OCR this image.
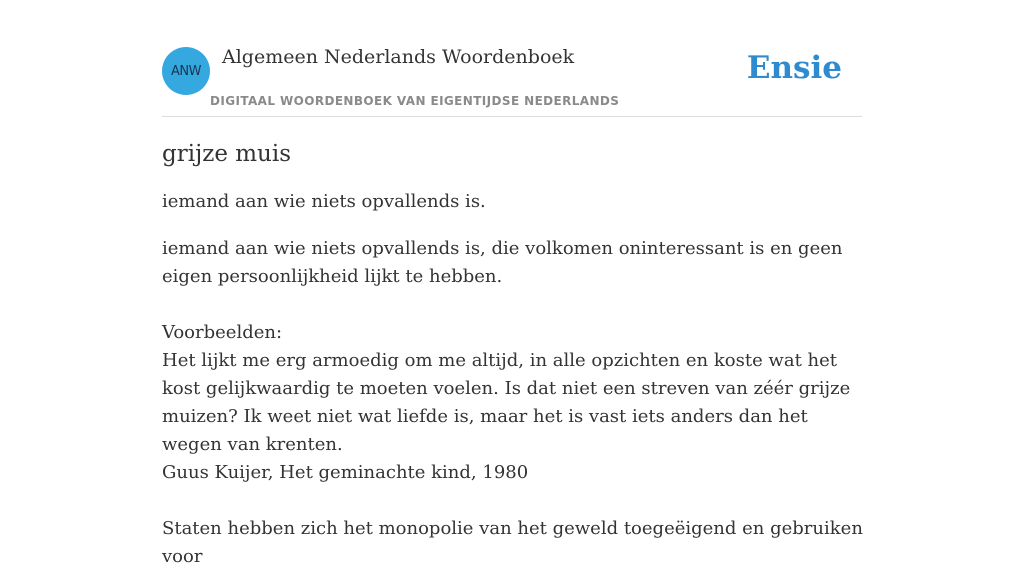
ANW
Algemeen Nederlands Woordenboek
DIGITAAL WOORDENBOEK VAN EIGENTIJDSE NEDERLANDS
Ensie
grijze muis

iemand aan wie niets opvallends is.

iemand aan wie niets opvallends is, die volkomen oninteressant is en geen eigen persoonlijkheid lijkt te hebben.

Voorbeelden:

Het lijkt me erg armoedig om me altijd, in alle opzichten en koste wat het kost gelijkwaardig te moeten voelen. Is dat niet een streven van zéér grijze muizen? Ik weet niet wat liefde is, maar het is vast iets anders dan het wegen van krenten.

Guus Kuijer, Het geminachte kind, 1980

Staten hebben zich het monopolie van het geweld toegeëigend en gebruiken voor
